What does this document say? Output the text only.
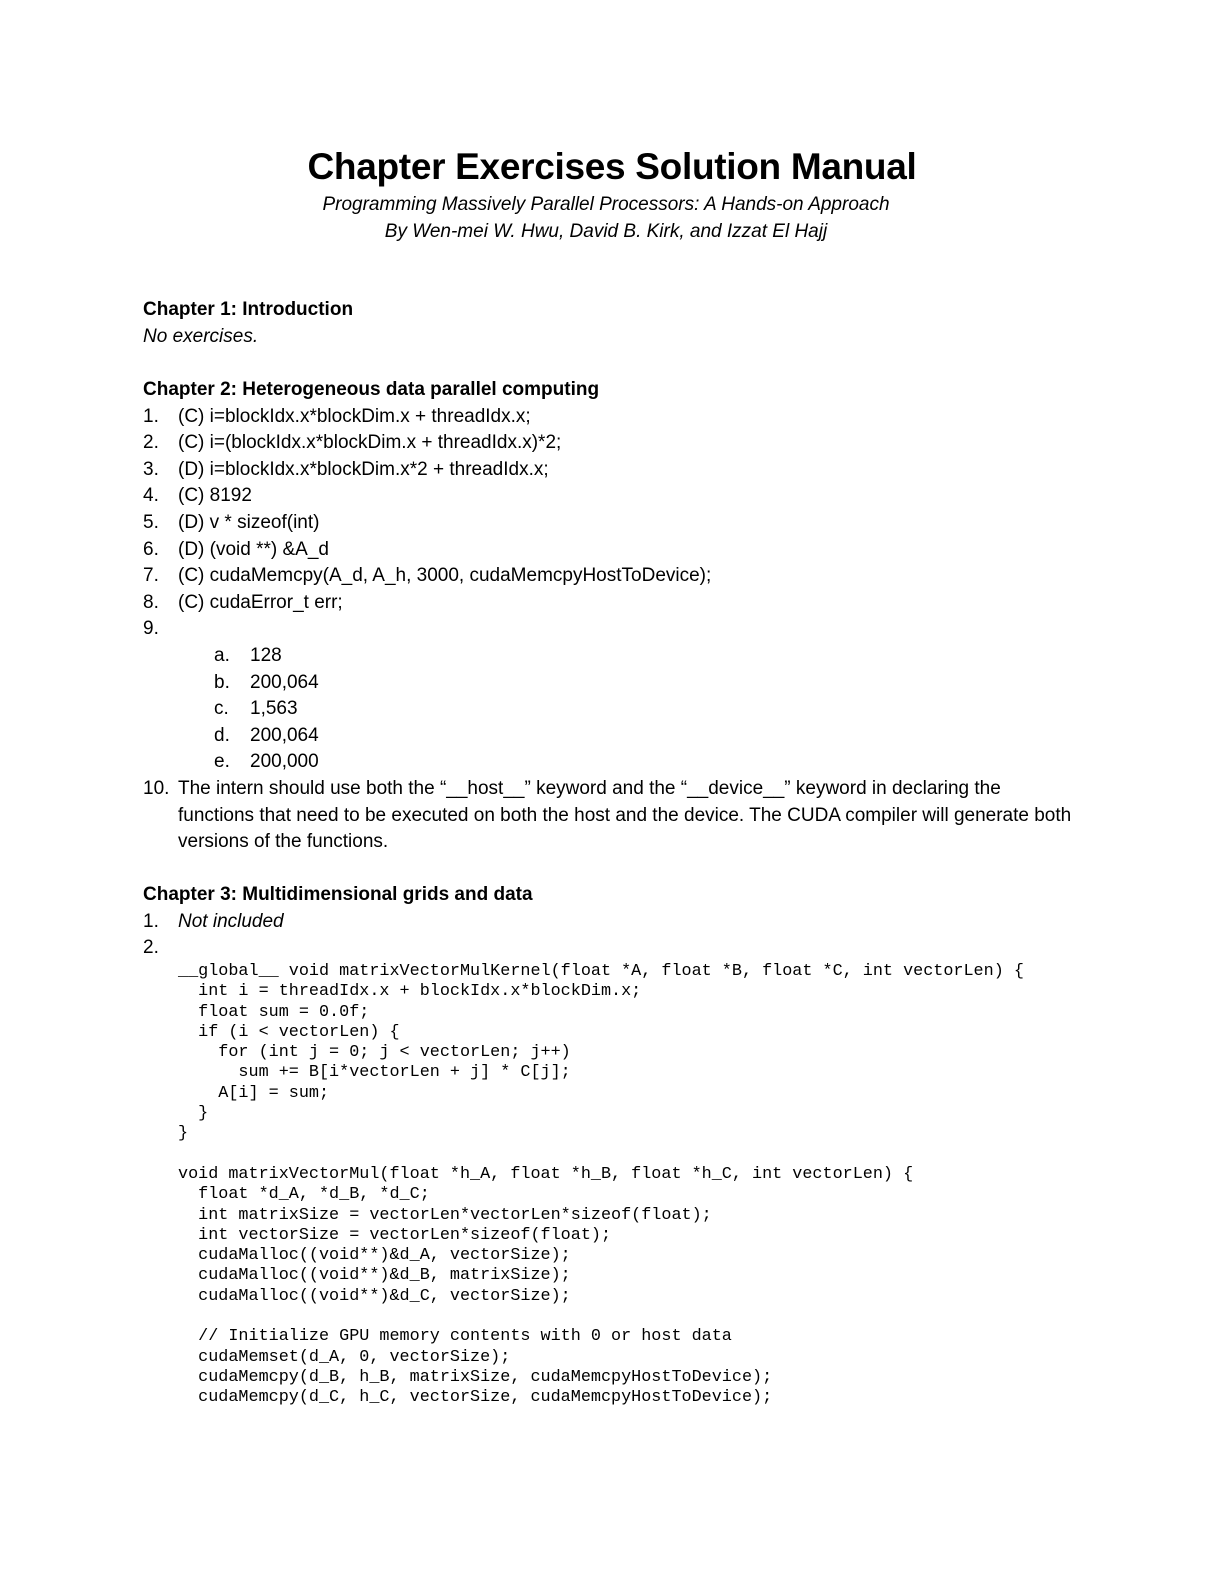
Chapter Exercises Solution Manual
Programming Massively Parallel Processors: A Hands-on Approach
By Wen-mei W. Hwu, David B. Kirk, and Izzat El Hajj
Chapter 1: Introduction
No exercises.
Chapter 2: Heterogeneous data parallel computing
1. (C) i=blockIdx.x*blockDim.x + threadIdx.x;
2. (C) i=(blockIdx.x*blockDim.x + threadIdx.x)*2;
3. (D) i=blockIdx.x*blockDim.x*2 + threadIdx.x;
4. (C) 8192
5. (D) v * sizeof(int)
6. (D) (void **) &A_d
7. (C) cudaMemcpy(A_d, A_h, 3000, cudaMemcpyHostToDevice);
8. (C) cudaError_t err;
9.
a. 128
b. 200,064
c. 1,563
d. 200,064
e. 200,000
10. The intern should use both the “__host__” keyword and the “__device__” keyword in declaring the functions that need to be executed on both the host and the device. The CUDA compiler will generate both versions of the functions.
Chapter 3: Multidimensional grids and data
1. Not included
2.
__global__ void matrixVectorMulKernel(float *A, float *B, float *C, int vectorLen) {
int i = threadIdx.x + blockIdx.x*blockDim.x;
float sum = 0.0f;
if (i < vectorLen) {
for (int j = 0; j < vectorLen; j++)
sum += B[i*vectorLen + j] * C[j];
A[i] = sum;
}
}
void matrixVectorMul(float *h_A, float *h_B, float *h_C, int vectorLen) {
float *d_A, *d_B, *d_C;
int matrixSize = vectorLen*vectorLen*sizeof(float);
int vectorSize = vectorLen*sizeof(float);
cudaMalloc((void**)&d_A, vectorSize);
cudaMalloc((void**)&d_B, matrixSize);
cudaMalloc((void**)&d_C, vectorSize);
// Initialize GPU memory contents with 0 or host data
cudaMemset(d_A, 0, vectorSize);
cudaMemcpy(d_B, h_B, matrixSize, cudaMemcpyHostToDevice);
cudaMemcpy(d_C, h_C, vectorSize, cudaMemcpyHostToDevice);
